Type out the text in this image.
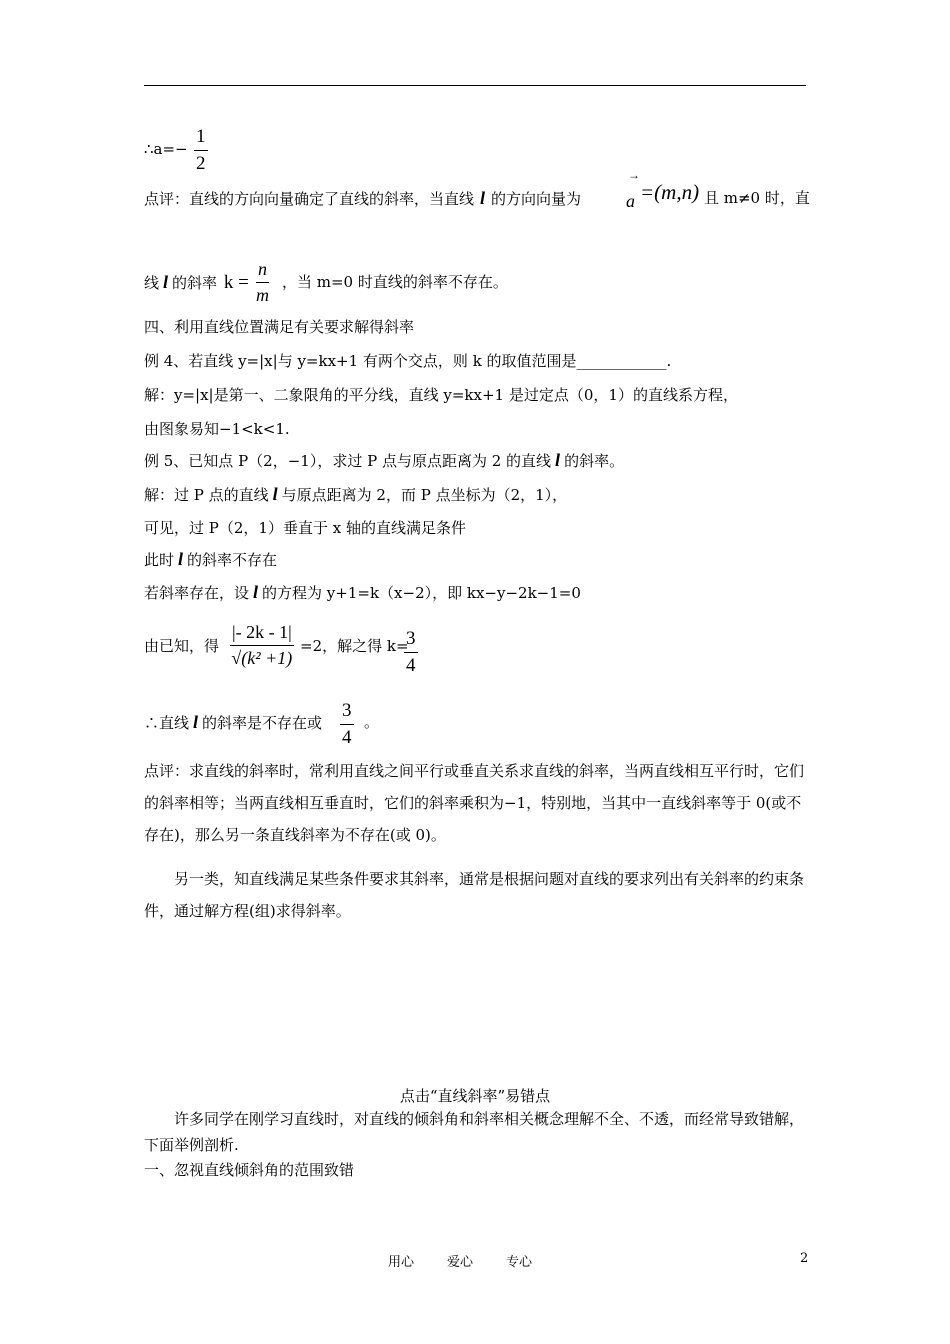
∴a=−
1
2
点评：直线的方向向量确定了直线的斜率，当直线 l 的方向向量为
→
a =(m,n) 且 m≠0 时，直
线 l 的斜率 k =
n
m
，当 m=0 时直线的斜率不存在。
四、利用直线位置满足有关要求解得斜率
例 4、若直线 y=|x|与 y=kx+1 有两个交点，则 k 的取值范围是____________.
解：y=|x|是第一、二象限角的平分线，直线 y=kx+1 是过定点（0，1）的直线系方程，
由图象易知−1<k<1.
例 5、已知点 P（2，−1），求过 P 点与原点距离为 2 的直线 l 的斜率。
解：过 P 点的直线 l 与原点距离为 2，而 P 点坐标为（2，1），
可见，过 P（2，1）垂直于 x 轴的直线满足条件
此时 l 的斜率不存在
若斜率存在，设 l 的方程为 y+1=k（x−2），即 kx−y−2k−1=0
由已知，得
|- 2k - 1|
√(k² +1)
=2，解之得 k=
3
4
∴直线 l 的斜率是不存在或
3
4
。
点评：求直线的斜率时，常利用直线之间平行或垂直关系求直线的斜率，当两直线相互平行时，它们的斜率相等；当两直线相互垂直时，它们的斜率乘积为−1，特别地，当其中一直线斜率等于 0(或不存在)，那么另一条直线斜率为不存在(或 0)。
另一类，知直线满足某些条件要求其斜率，通常是根据问题对直线的要求列出有关斜率的约束条件，通过解方程(组)求得斜率。
点击“直线斜率”易错点
许多同学在刚学习直线时，对直线的倾斜角和斜率相关概念理解不全、不透，而经常导致错解，下面举例剖析.
一、忽视直线倾斜角的范围致错
用心	爱心	专心	2
